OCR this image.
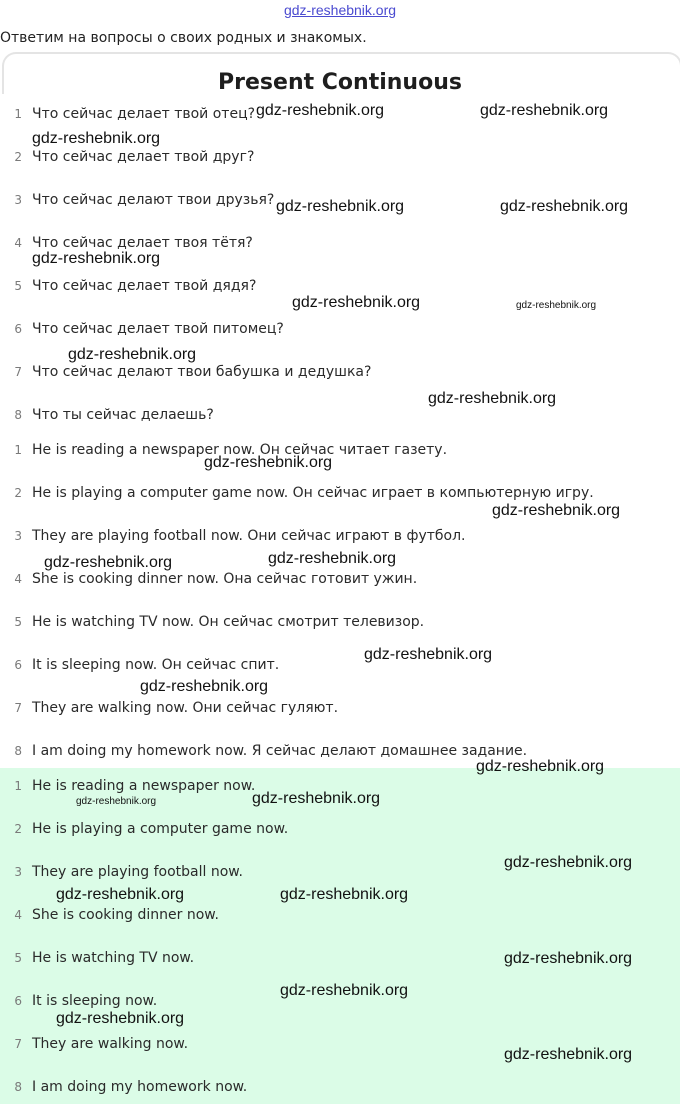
gdz-reshebnik.org
Ответим на вопросы о своих родных и знакомых.
Present Continuous
1 Что сейчас делает твой отец?
2 Что сейчас делает твой друг?
3 Что сейчас делают твои друзья?
4 Что сейчас делает твоя тётя?
5 Что сейчас делает твой дядя?
6 Что сейчас делает твой питомец?
7 Что сейчас делают твои бабушка и дедушка?
8 Что ты сейчас делаешь?
1 He is reading a newspaper now. Он сейчас читает газету.
2 He is playing a computer game now. Он сейчас играет в компьютерную игру.
3 They are playing football now. Они сейчас играют в футбол.
4 She is cooking dinner now. Она сейчас готовит ужин.
5 He is watching TV now. Он сейчас смотрит телевизор.
6 It is sleeping now. Он сейчас спит.
7 They are walking now. Они сейчас гуляют.
8 I am doing my homework now. Я сейчас делают домашнее задание.
1 He is reading a newspaper now.
2 He is playing a computer game now.
3 They are playing football now.
4 She is cooking dinner now.
5 He is watching TV now.
6 It is sleeping now.
7 They are walking now.
8 I am doing my homework now.
gdz-reshebnik.org	gdz-reshebnik.org
gdz-reshebnik.org
gdz-reshebnik.org	gdz-reshebnik.org
gdz-reshebnik.org
gdz-reshebnik.org	gdz-reshebnik.org
gdz-reshebnik.org
gdz-reshebnik.org
gdz-reshebnik.org
gdz-reshebnik.org
gdz-reshebnik.org	gdz-reshebnik.org
gdz-reshebnik.org
gdz-reshebnik.org
gdz-reshebnik.org
gdz-reshebnik.org	gdz-reshebnik.org
gdz-reshebnik.org
gdz-reshebnik.org	gdz-reshebnik.org
gdz-reshebnik.org
gdz-reshebnik.org
gdz-reshebnik.org
gdz-reshebnik.org
